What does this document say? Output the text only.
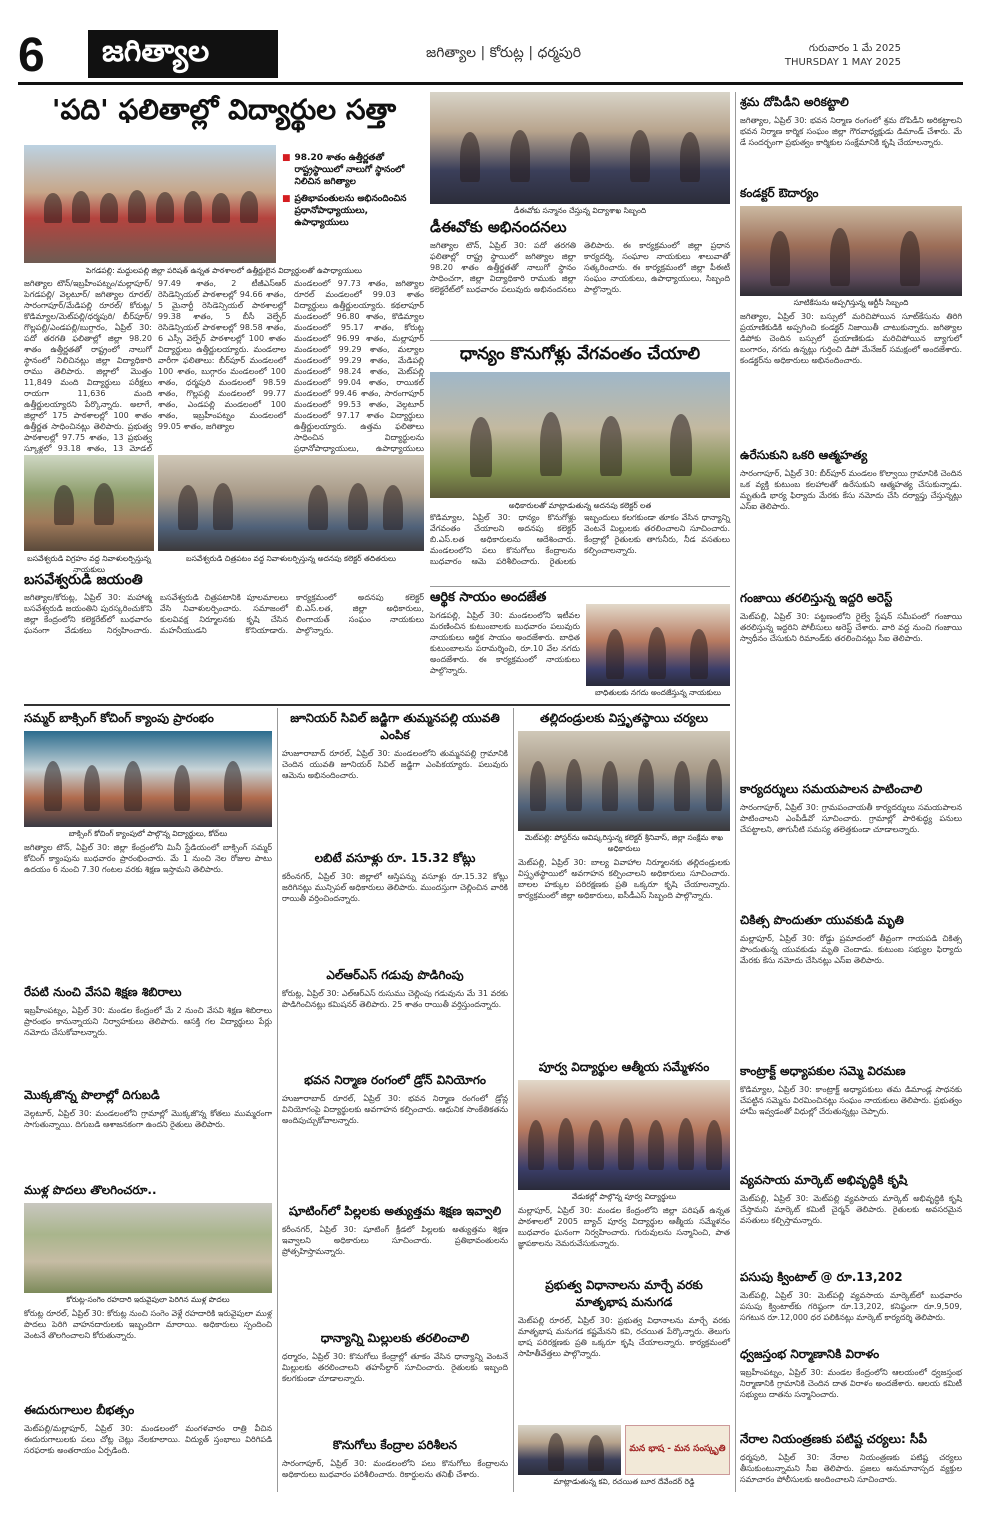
6	జగిత్యాల	జగిత్యాల | కోరుట్ల | ధర్మపురి	గురువారం 1 మే 2025
THURSDAY 1 MAY 2025
'పది' ఫలితాల్లో విద్యార్థుల సత్తా
■ 98.20 శాతం ఉత్తీర్ణతతో రాష్ట్రస్థాయిలో నాలుగో స్థానంలో నిలిచిన జగిత్యాల
■ ప్రతిభావంతులను అభినందించిన ప్రధానోపాధ్యాయులు, ఉపాధ్యాయులు
పెగడపల్లి: మద్దులపల్లి జిల్లా పరిషత్ ఉన్నత పాఠశాలలో ఉత్తీర్ణులైన విద్యార్థులతో ఉపాధ్యాయులు
జగిత్యాల టౌన్/ఇబ్రహీంపట్నం/మల్లాపూర్/ పెగడపల్లి/ వెల్గటూర్/ జగిత్యాల రూరల్/ సారంగాపూర్/మేడిపల్లి రూరల్/ కోరుట్ల/కొడిమ్యాల/మెట్‌పల్లి/ధర్మపురి/ బీర్‌పూర్/గొల్లపల్లి/ఎండపల్లి/బుగ్గారం, ఏప్రిల్ 30: పదో తరగతి ఫలితాల్లో జిల్లా 98.20 శాతం ఉత్తీర్ణతతో రాష్ట్రంలో నాలుగో స్థానంలో నిలిచినట్లు జిల్లా విద్యాధికారి రాము తెలిపారు. జిల్లాలో మొత్తం 11,849 మంది విద్యార్థులు పరీక్షలు రాయగా 11,636 మంది ఉత్తీర్ణులయ్యారని పేర్కొన్నారు. అలాగే, జిల్లాలో 175 పాఠశాలల్లో 100 శాతం ఉత్తీర్ణత సాధించినట్లు తెలిపారు. ప్రభుత్వ పాఠశాలల్లో 97.75 శాతం, 13 ప్రభుత్వ స్కూళ్లలో 93.18 శాతం, 13 మోడల్
97.49 శాతం, 2 టీజీఎస్ఆర్ రెసిడెన్సియల్ పాఠశాలల్లో 94.66 శాతం, 5 మైనార్టీ రెసిడెన్సియల్ పాఠశాలల్లో 99.38 శాతం, 5 బీసీ వెల్ఫేర్ రెసిడెన్సియల్ పాఠశాలల్లో 98.58 శాతం, 6 ఎస్సీ వెల్ఫేర్ పాఠశాలల్లో 100 శాతం విద్యార్థులు ఉత్తీర్ణులయ్యారు. మండలాల వారీగా ఫలితాలు: బీర్‌పూర్ మండలంలో 100 శాతం, బుగ్గారం మండలంలో 100 శాతం, ధర్మపురి మండలంలో 98.59 శాతం, గొల్లపల్లి మండలంలో 99.77 శాతం, ఎండపల్లి మండలంలో 100 శాతం, ఇబ్రహీంపట్నం మండలంలో 99.05 శాతం, జగిత్యాల
మండలంలో 97.73 శాతం, జగిత్యాల రూరల్ మండలంలో 99.03 శాతం విద్యార్థులు ఉత్తీర్ణులయ్యారు. కథలాపూర్ మండలంలో 96.80 శాతం, కొడిమ్యాల మండలంలో 95.17 శాతం, కోరుట్ల మండలంలో 96.99 శాతం, మల్లాపూర్ మండలంలో 99.29 శాతం, మల్యాల మండలంలో 99.29 శాతం, మేడిపల్లి మండలంలో 98.24 శాతం, మెట్‌పల్లి మండలంలో 99.04 శాతం, రాయికల్ మండలంలో 99.46 శాతం, సారంగాపూర్ మండలంలో 99.53 శాతం, వెల్గటూర్ మండలంలో 97.17 శాతం విద్యార్థులు ఉత్తీర్ణులయ్యారు. ఉత్తమ ఫలితాలు సాధించిన విద్యార్థులను ప్రధానోపాధ్యాయులు, ఉపాధ్యాయులు
బసవేశ్వరుడి విగ్రహం వద్ద నివాళులర్పిస్తున్న నాయకులు
బసవేశ్వరుడి చిత్రపటం వద్ద నివాళులర్పిస్తున్న అదనపు కలెక్టర్ తదితరులు
బసవేశ్వరుడి జయంతి
జగిత్యాల/కోరుట్ల, ఏప్రిల్ 30: మహాత్మ బసవేశ్వరుడి జయంతిని పురస్కరించుకొని జిల్లా కేంద్రంలోని కలెక్టరేట్‌లో బుధవారం ఘనంగా వేడుకలు నిర్వహించారు. బసవేశ్వరుడి చిత్రపటానికి పూలమాలలు వేసి నివాళులర్పించారు. సమాజంలో కులవివక్ష నిర్మూలనకు కృషి చేసిన మహనీయుడని కొనియాడారు. కార్యక్రమంలో అదనపు కలెక్టర్ బి.ఎస్.లత, జిల్లా అధికారులు, లింగాయత్ సంఘం నాయకులు పాల్గొన్నారు.
డీఈవోకు సన్మానం చేస్తున్న విద్యాశాఖ సిబ్బంది
డీఈవోకు అభినందనలు
జగిత్యాల టౌన్, ఏప్రిల్ 30: పదో తరగతి ఫలితాల్లో రాష్ట్ర స్థాయిలో జగిత్యాల జిల్లా 98.20 శాతం ఉత్తీర్ణతతో నాలుగో స్థానం సాధించగా, జిల్లా విద్యాధికారి రాముకు జిల్లా కలెక్టరేట్‌లో బుధవారం పలువురు అభినందనలు తెలిపారు. ఈ కార్యక్రమంలో జిల్లా ప్రధాన కార్యదర్శి, సంఘాల నాయకులు శాలువాతో సత్కరించారు. ఈ కార్యక్రమంలో జిల్లా పీఈటీ సంఘం నాయకులు, ఉపాధ్యాయులు, సిబ్బంది పాల్గొన్నారు.
ధాన్యం కొనుగోళ్లు వేగవంతం చేయాలి
అధికారులతో మాట్లాడుతున్న అదనపు కలెక్టర్ లత
కొడిమ్యాల, ఏప్రిల్ 30: ధాన్యం కొనుగోళ్లు వేగవంతం చేయాలని అదనపు కలెక్టర్ బి.ఎస్.లత అధికారులను ఆదేశించారు. మండలంలోని పలు కొనుగోలు కేంద్రాలను బుధవారం ఆమె పరిశీలించారు. రైతులకు ఇబ్బందులు కలగకుండా తూకం వేసిన ధాన్యాన్ని వెంటనే మిల్లులకు తరలించాలని సూచించారు. కేంద్రాల్లో రైతులకు తాగునీరు, నీడ వసతులు కల్పించాలన్నారు.
ఆర్థిక సాయం అందజేత
పెగడపల్లి, ఏప్రిల్ 30: మండలంలోని ఇటీవల మరణించిన కుటుంబాలకు బుధవారం పలువురు నాయకులు ఆర్థిక సాయం అందజేశారు. బాధిత కుటుంబాలను పరామర్శించి, రూ.10 వేల నగదు అందజేశారు. ఈ కార్యక్రమంలో నాయకులు పాల్గొన్నారు.
బాధితులకు నగదు అందజేస్తున్న నాయకులు
శ్రమ దోపిడీని అరికట్టాలి
జగిత్యాల, ఏప్రిల్ 30: భవన నిర్మాణ రంగంలో శ్రమ దోపిడీని అరికట్టాలని భవన నిర్మాణ కార్మిక సంఘం జిల్లా గౌరవాధ్యక్షుడు డిమాండ్ చేశారు. మే డే సందర్భంగా ప్రభుత్వం కార్మికుల సంక్షేమానికి కృషి చేయాలన్నారు.
కండక్టర్ ఔదార్యం
సూటికేసును అప్పగిస్తున్న ఆర్టీసీ సిబ్బంది
జగిత్యాల, ఏప్రిల్ 30: బస్సులో మరిచిపోయిన సూట్‌కేసును తిరిగి ప్రయాణికుడికి అప్పగించి కండక్టర్ నిజాయితీ చాటుకున్నారు. జగిత్యాల డిపోకు చెందిన బస్సులో ప్రయాణికుడు మరిచిపోయిన బ్యాగులో బంగారం, నగదు ఉన్నట్లు గుర్తించి డిపో మేనేజర్ సమక్షంలో అందజేశారు. కండక్టర్‌ను అధికారులు అభినందించారు.
ఉరేసుకుని ఒకరి ఆత్మహత్య
సారంగాపూర్, ఏప్రిల్ 30: బీర్‌పూర్ మండలం కొల్వాయి గ్రామానికి చెందిన ఒక వ్యక్తి కుటుంబ కలహాలతో ఉరేసుకుని ఆత్మహత్య చేసుకున్నాడు. మృతుడి భార్య ఫిర్యాదు మేరకు కేసు నమోదు చేసి దర్యాప్తు చేస్తున్నట్లు ఎస్ఐ తెలిపారు.
గంజాయి తరలిస్తున్న ఇద్దరి అరెస్ట్
మెట్‌పల్లి, ఏప్రిల్ 30: పట్టణంలోని రైల్వే స్టేషన్ సమీపంలో గంజాయి తరలిస్తున్న ఇద్దరిని పోలీసులు అరెస్ట్ చేశారు. వారి వద్ద నుంచి గంజాయి స్వాధీనం చేసుకుని రిమాండ్‌కు తరలించినట్లు సీఐ తెలిపారు.
కార్యదర్శులు సమయపాలన పాటించాలి
సారంగాపూర్, ఏప్రిల్ 30: గ్రామపంచాయతీ కార్యదర్శులు సమయపాలన పాటించాలని ఎంపీడీవో సూచించారు. గ్రామాల్లో పారిశుద్ధ్య పనులు చేపట్టాలని, తాగునీటి సమస్య తలెత్తకుండా చూడాలన్నారు.
చికిత్స పొందుతూ యువకుడి మృతి
మల్లాపూర్, ఏప్రిల్ 30: రోడ్డు ప్రమాదంలో తీవ్రంగా గాయపడి చికిత్స పొందుతున్న యువకుడు మృతి చెందాడు. కుటుంబ సభ్యుల ఫిర్యాదు మేరకు కేసు నమోదు చేసినట్లు ఎస్ఐ తెలిపారు.
కాంట్రాక్ట్ అధ్యాపకుల సమ్మె విరమణ
కొడిమ్యాల, ఏప్రిల్ 30: కాంట్రాక్ట్ అధ్యాపకులు తమ డిమాండ్ల సాధనకు చేపట్టిన సమ్మెను విరమించినట్లు సంఘం నాయకులు తెలిపారు. ప్రభుత్వం హామీ ఇవ్వడంతో విధుల్లో చేరుతున్నట్లు చెప్పారు.
వ్యవసాయ మార్కెట్ అభివృద్ధికి కృషి
మెట్‌పల్లి, ఏప్రిల్ 30: మెట్‌పల్లి వ్యవసాయ మార్కెట్ అభివృద్ధికి కృషి చేస్తామని మార్కెట్ కమిటీ చైర్మన్ తెలిపారు. రైతులకు అవసరమైన వసతులు కల్పిస్తామన్నారు.
పసుపు క్వింటాల్ @ రూ.13,202
మెట్‌పల్లి, ఏప్రిల్ 30: మెట్‌పల్లి వ్యవసాయ మార్కెట్‌లో బుధవారం పసుపు క్వింటాల్‌కు గరిష్ఠంగా రూ.13,202, కనిష్ఠంగా రూ.9,509, సగటున రూ.12,000 ధర పలికినట్లు మార్కెట్ కార్యదర్శి తెలిపారు.
ధ్వజస్తంభ నిర్మాణానికి విరాళం
ఇబ్రహీంపట్నం, ఏప్రిల్ 30: మండల కేంద్రంలోని ఆలయంలో ధ్వజస్తంభ నిర్మాణానికి గ్రామానికి చెందిన దాత విరాళం అందజేశారు. ఆలయ కమిటీ సభ్యులు దాతను సన్మానించారు.
నేరాల నియంత్రణకు పటిష్ట చర్యలు: సీపీ
ధర్మపురి, ఏప్రిల్ 30: నేరాల నియంత్రణకు పటిష్ట చర్యలు తీసుకుంటున్నామని సీఐ తెలిపారు. ప్రజలు అనుమానాస్పద వ్యక్తుల సమాచారం పోలీసులకు అందించాలని సూచించారు.
సమ్మర్ బాక్సింగ్ కోచింగ్ క్యాంపు ప్రారంభం
బాక్సింగ్ కోచింగ్ క్యాంపులో పాల్గొన్న విద్యార్థులు, కోచ్‌లు
జగిత్యాల టౌన్, ఏప్రిల్ 30: జిల్లా కేంద్రంలోని మినీ స్టేడియంలో బాక్సింగ్ సమ్మర్ కోచింగ్ క్యాంపును బుధవారం ప్రారంభించారు. మే 1 నుంచి నెల రోజుల పాటు ఉదయం 6 నుంచి 7.30 గంటల వరకు శిక్షణ ఇస్తామని తెలిపారు.
రేపటి నుంచి వేసవి శిక్షణ శిబిరాలు
ఇబ్రహీంపట్నం, ఏప్రిల్ 30: మండల కేంద్రంలో మే 2 నుంచి వేసవి శిక్షణ శిబిరాలు ప్రారంభం కానున్నాయని నిర్వాహకులు తెలిపారు. ఆసక్తి గల విద్యార్థులు పేర్లు నమోదు చేసుకోవాలన్నారు.
మొక్కజొన్న పొలాల్లో దిగుబడి
వెల్గటూర్, ఏప్రిల్ 30: మండలంలోని గ్రామాల్లో మొక్కజొన్న కోతలు ముమ్మరంగా సాగుతున్నాయి. దిగుబడి ఆశాజనకంగా ఉందని రైతులు తెలిపారు.
ముళ్ల పొదలు తొలగించరూ..
కోరుట్ల-సంగెం రహదారి ఇరువైపులా పెరిగిన ముళ్ల పొదలు
కోరుట్ల రూరల్, ఏప్రిల్ 30: కోరుట్ల నుంచి సంగెం వెళ్లే రహదారికి ఇరువైపులా ముళ్ల పొదలు పెరిగి వాహనదారులకు ఇబ్బందిగా మారాయి. అధికారులు స్పందించి వెంటనే తొలగించాలని కోరుతున్నారు.
ఈదురుగాలుల బీభత్సం
మెట్‌పల్లి/మల్లాపూర్, ఏప్రిల్ 30: మండలంలో మంగళవారం రాత్రి వీచిన ఈదురుగాలులకు పలు చోట్ల చెట్లు నేలకూలాయి. విద్యుత్ స్తంభాలు విరిగిపడి సరఫరాకు అంతరాయం ఏర్పడింది.
జూనియర్ సివిల్ జడ్జిగా తుమ్మనపల్లి యువతి ఎంపిక
హుజూరాబాద్ రూరల్, ఏప్రిల్ 30: మండలంలోని తుమ్మనపల్లి గ్రామానికి చెందిన యువతి జూనియర్ సివిల్ జడ్జిగా ఎంపికయ్యారు. పలువురు ఆమెను అభినందించారు.
లబిటే వసూళ్లు రూ. 15.32 కోట్లు
కరీంనగర్, ఏప్రిల్ 30: జిల్లాలో ఆస్తిపన్ను వసూళ్లు రూ.15.32 కోట్లు జరిగినట్లు మున్సిపల్ అధికారులు తెలిపారు. ముందస్తుగా చెల్లించిన వారికి రాయితీ వర్తించిందన్నారు.
ఎల్ఆర్ఎస్ గడువు పొడిగింపు
కోరుట్ల, ఏప్రిల్ 30: ఎల్ఆర్ఎస్ రుసుము చెల్లింపు గడువును మే 31 వరకు పొడిగించినట్లు కమిషనర్ తెలిపారు. 25 శాతం రాయితీ వర్తిస్తుందన్నారు.
భవన నిర్మాణ రంగంలో డ్రోన్ వినియోగం
హుజూరాబాద్ రూరల్, ఏప్రిల్ 30: భవన నిర్మాణ రంగంలో డ్రోన్ల వినియోగంపై విద్యార్థులకు అవగాహన కల్పించారు. ఆధునిక సాంకేతికతను అందిపుచ్చుకోవాలన్నారు.
షూటింగ్‌లో పిల్లలకు అత్యుత్తమ శిక్షణ ఇవ్వాలి
కరీంనగర్, ఏప్రిల్ 30: షూటింగ్ క్రీడలో పిల్లలకు అత్యుత్తమ శిక్షణ ఇవ్వాలని అధికారులు సూచించారు. ప్రతిభావంతులను ప్రోత్సహిస్తామన్నారు.
ధాన్యాన్ని మిల్లులకు తరలించాలి
ధర్మారం, ఏప్రిల్ 30: కొనుగోలు కేంద్రాల్లో తూకం వేసిన ధాన్యాన్ని వెంటనే మిల్లులకు తరలించాలని తహసీల్దార్ సూచించారు. రైతులకు ఇబ్బంది కలగకుండా చూడాలన్నారు.
కొనుగోలు కేంద్రాల పరిశీలన
సారంగాపూర్, ఏప్రిల్ 30: మండలంలోని పలు కొనుగోలు కేంద్రాలను అధికారులు బుధవారం పరిశీలించారు. రికార్డులను తనిఖీ చేశారు.
తల్లిదండ్రులకు విస్తృతస్థాయి చర్యలు
మెట్‌పల్లి: పోస్టర్‌ను ఆవిష్కరిస్తున్న కలెక్టర్ శ్రీనివాస్, జిల్లా సంక్షేమ శాఖ అధికారులు
మెట్‌పల్లి, ఏప్రిల్ 30: బాల్య వివాహాల నిర్మూలనకు తల్లిదండ్రులకు విస్తృతస్థాయిలో అవగాహన కల్పించాలని అధికారులు సూచించారు. బాలల హక్కుల పరిరక్షణకు ప్రతి ఒక్కరూ కృషి చేయాలన్నారు. కార్యక్రమంలో జిల్లా అధికారులు, ఐసీడీఎస్ సిబ్బంది పాల్గొన్నారు.
పూర్వ విద్యార్థుల ఆత్మీయ సమ్మేళనం
వేడుకల్లో పాల్గొన్న పూర్వ విద్యార్థులు
మల్లాపూర్, ఏప్రిల్ 30: మండల కేంద్రంలోని జిల్లా పరిషత్ ఉన్నత పాఠశాలలో 2005 బ్యాచ్ పూర్వ విద్యార్థుల ఆత్మీయ సమ్మేళనం బుధవారం ఘనంగా నిర్వహించారు. గురువులను సన్మానించి, పాత జ్ఞాపకాలను నెమరువేసుకున్నారు.
ప్రభుత్వ విధానాలను మార్చే వరకు మాతృభాష మనుగడ
మెట్‌పల్లి రూరల్, ఏప్రిల్ 30: ప్రభుత్వ విధానాలను మార్చే వరకు మాతృభాష మనుగడ కష్టమేనని కవి, రచయిత పేర్కొన్నారు. తెలుగు భాష పరిరక్షణకు ప్రతి ఒక్కరూ కృషి చేయాలన్నారు. కార్యక్రమంలో సాహితీవేత్తలు పాల్గొన్నారు.
మన భాష - మన సంస్కృతి
మాట్లాడుతున్న కవి, రచయిత బూర దేవేందర్ రెడ్డి
